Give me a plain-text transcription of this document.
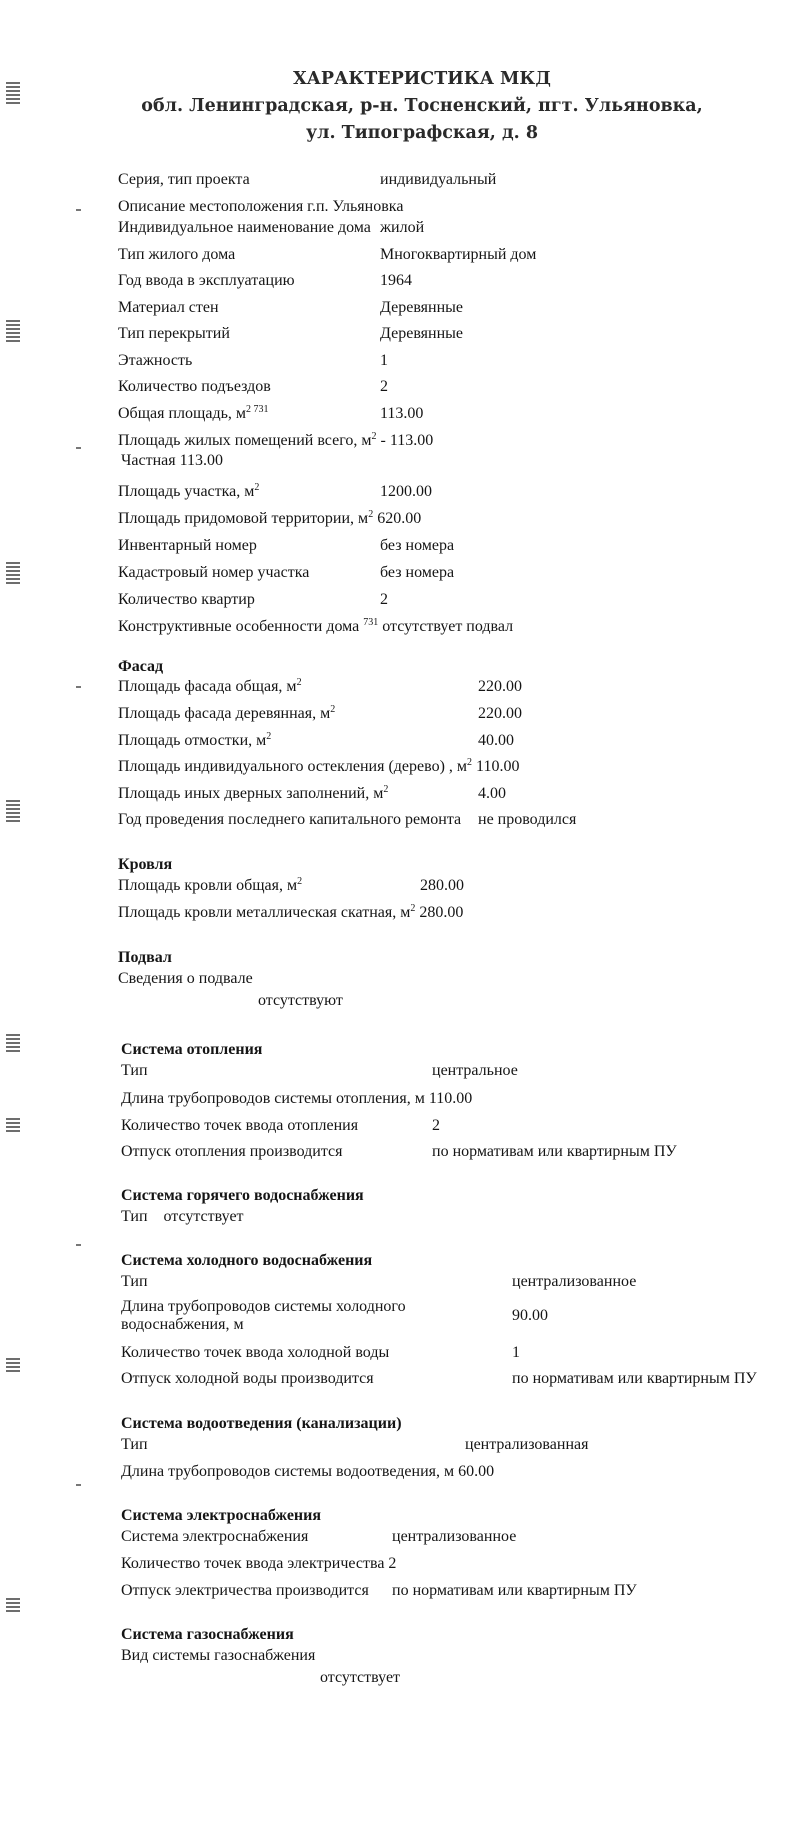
ХАРАКТЕРИСТИКА МКД
обл. Ленинградская, р-н. Тосненский, пгт. Ульяновка,
ул. Типографская, д. 8
Серия, тип проекта	индивидуальный
Описание местоположения г.п. Ульяновка
Индивидуальное наименование дома жилой
Тип жилого дома	Многоквартирный дом
Год ввода в эксплуатацию	1964
Материал стен	Деревянные
Тип перекрытий	Деревянные
Этажность	1
Количество подъездов	2
Общая площадь, $м^{2 731}$	113.00
Площадь жилых помещений всего, $м^2 - 113.00$
Частная 113.00
Площадь участка, $м^2$	1200.00
Площадь придомовой территории, $м^2$ 620.00
Инвентарный номер	без номера
Кадастровый номер участка	без номера
Количество квартир	2
Конструктивные особенности дома $^{731}$ отсутствует подвал
Фасад
Площадь фасада общая, $м^2$	220.00
Площадь фасада деревянная, $м^2$	220.00
Площадь отмостки, $м^2$	40.00
Площадь индивидуального остекления (дерево) , $м^2$ 110.00
Площадь иных дверных заполнений, $м^2$	4.00
Год проведения последнего капитального ремонта не проводился
Кровля
Площадь кровли общая, $м^2$	280.00
Площадь кровли металлическая скатная, $м^2$ 280.00
Подвал
Сведения о подвале
отсутствуют
Система отопления
Тип	центральное
Длина трубопроводов системы отопления, м 110.00
Количество точек ввода отопления	2
Отпуск отопления производится	по нормативам или квартирным ПУ
Система горячего водоснабжения
Тип    отсутствует
Система холодного водоснабжения
Тип	централизованное
Длина трубопроводов системы холодного
водоснабжения, м
90.00
Количество точек ввода холодной воды	1
Отпуск холодной воды производится	по нормативам или квартирным ПУ
Система водоотведения (канализации)
Тип	централизованная
Длина трубопроводов системы водоотведения, м 60.00
Система электроснабжения
Система электроснабжения	централизованное
Количество точек ввода электричества 2
Отпуск электричества производится по нормативам или квартирным ПУ
Система газоснабжения
Вид системы газоснабжения
отсутствует
